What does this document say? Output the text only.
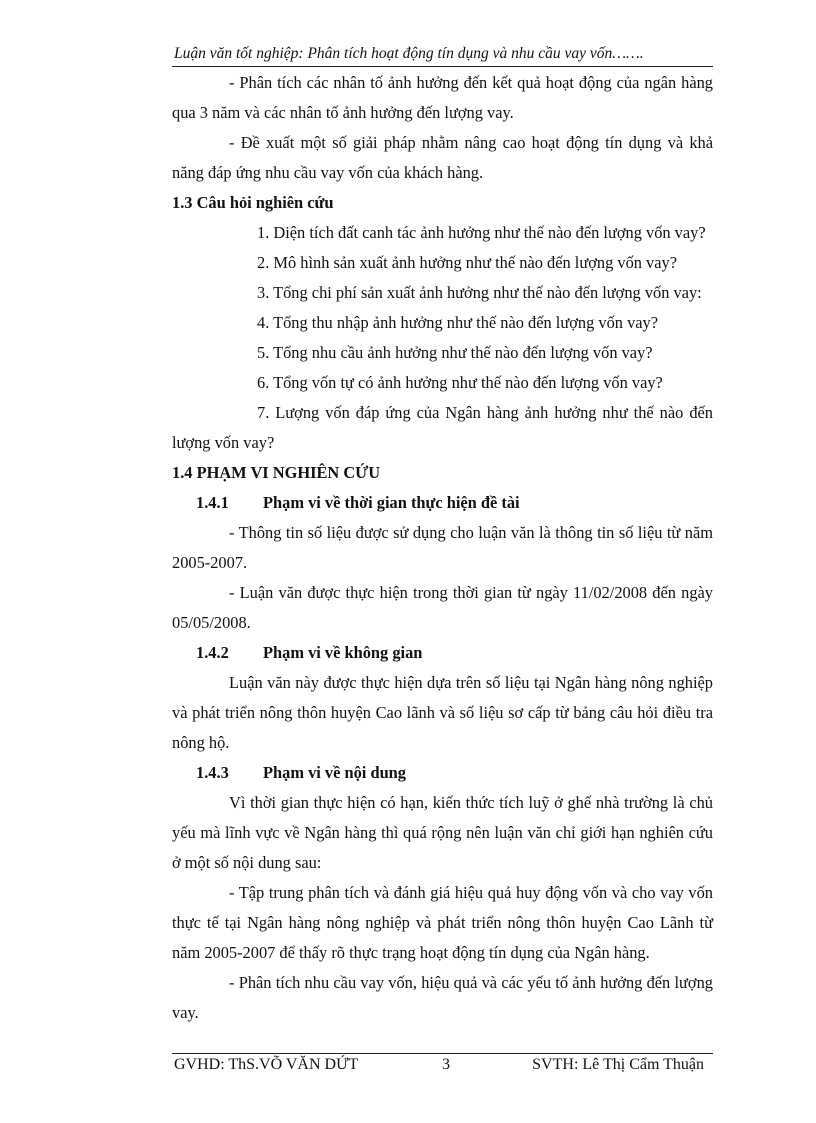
Luận văn tốt nghiệp: Phân tích hoạt động tín dụng và nhu cầu vay vốn…….

- Phân tích các nhân tố ảnh hưởng đến kết quả hoạt động của ngân hàng qua 3 năm và các nhân tố ảnh hưởng đến lượng vay.

- Đề xuất một số giải pháp nhằm nâng cao hoạt động tín dụng và khả năng đáp ứng nhu cầu vay vốn của khách hàng.

1.3 Câu hỏi nghiên cứu

1. Diện tích đất canh tác ảnh hưởng như thế nào đến lượng vốn vay?

2. Mô hình sản xuất ảnh hưởng như thế nào đến lượng vốn vay?

3. Tổng chi phí sản xuất ảnh hưởng như thế nào đến lượng vốn vay:

4. Tổng thu nhập ảnh hưởng như thế nào đến lượng vốn vay?

5. Tổng nhu cầu ảnh hưởng như thế nào đến lượng vốn vay?

6. Tổng vốn tự có ảnh hưởng như thế nào đến lượng vốn vay?

7. Lượng vốn đáp ứng của Ngân hàng ảnh hưởng như thế nào đến lượng vốn vay?

1.4 PHẠM VI NGHIÊN CỨU

1.4.1 Phạm vi về thời gian thực hiện đề tài

- Thông tin số liệu được sử dụng cho luận văn là thông tin số liệu từ năm 2005-2007.

- Luận văn được thực hiện trong thời gian từ ngày 11/02/2008 đến ngày 05/05/2008.

1.4.2 Phạm vi về không gian

Luận văn này được thực hiện dựa trên số liệu tại Ngân hàng nông nghiệp và phát triển nông thôn huyện Cao lãnh và số liệu sơ cấp từ bảng câu hỏi điều tra nông hộ.

1.4.3 Phạm vi về nội dung

Vì thời gian thực hiện có hạn, kiến thức tích luỹ ở ghế nhà trường là chủ yếu mà lĩnh vực về Ngân hàng thì quá rộng nên luận văn chỉ giới hạn nghiên cứu ở một số nội dung sau:

- Tập trung phân tích và đánh giá hiệu quả huy động vốn và cho vay vốn thực tế tại Ngân hàng nông nghiệp và phát triển nông thôn huyện Cao Lãnh từ năm 2005-2007 để thấy rõ thực trạng hoạt động tín dụng của Ngân hàng.

- Phân tích nhu cầu vay vốn, hiệu quả và các yếu tố ảnh hưởng đến lượng vay.

GVHD: ThS.VÕ VĂN DỨT	3	SVTH: Lê Thị Cẩm Thuận
